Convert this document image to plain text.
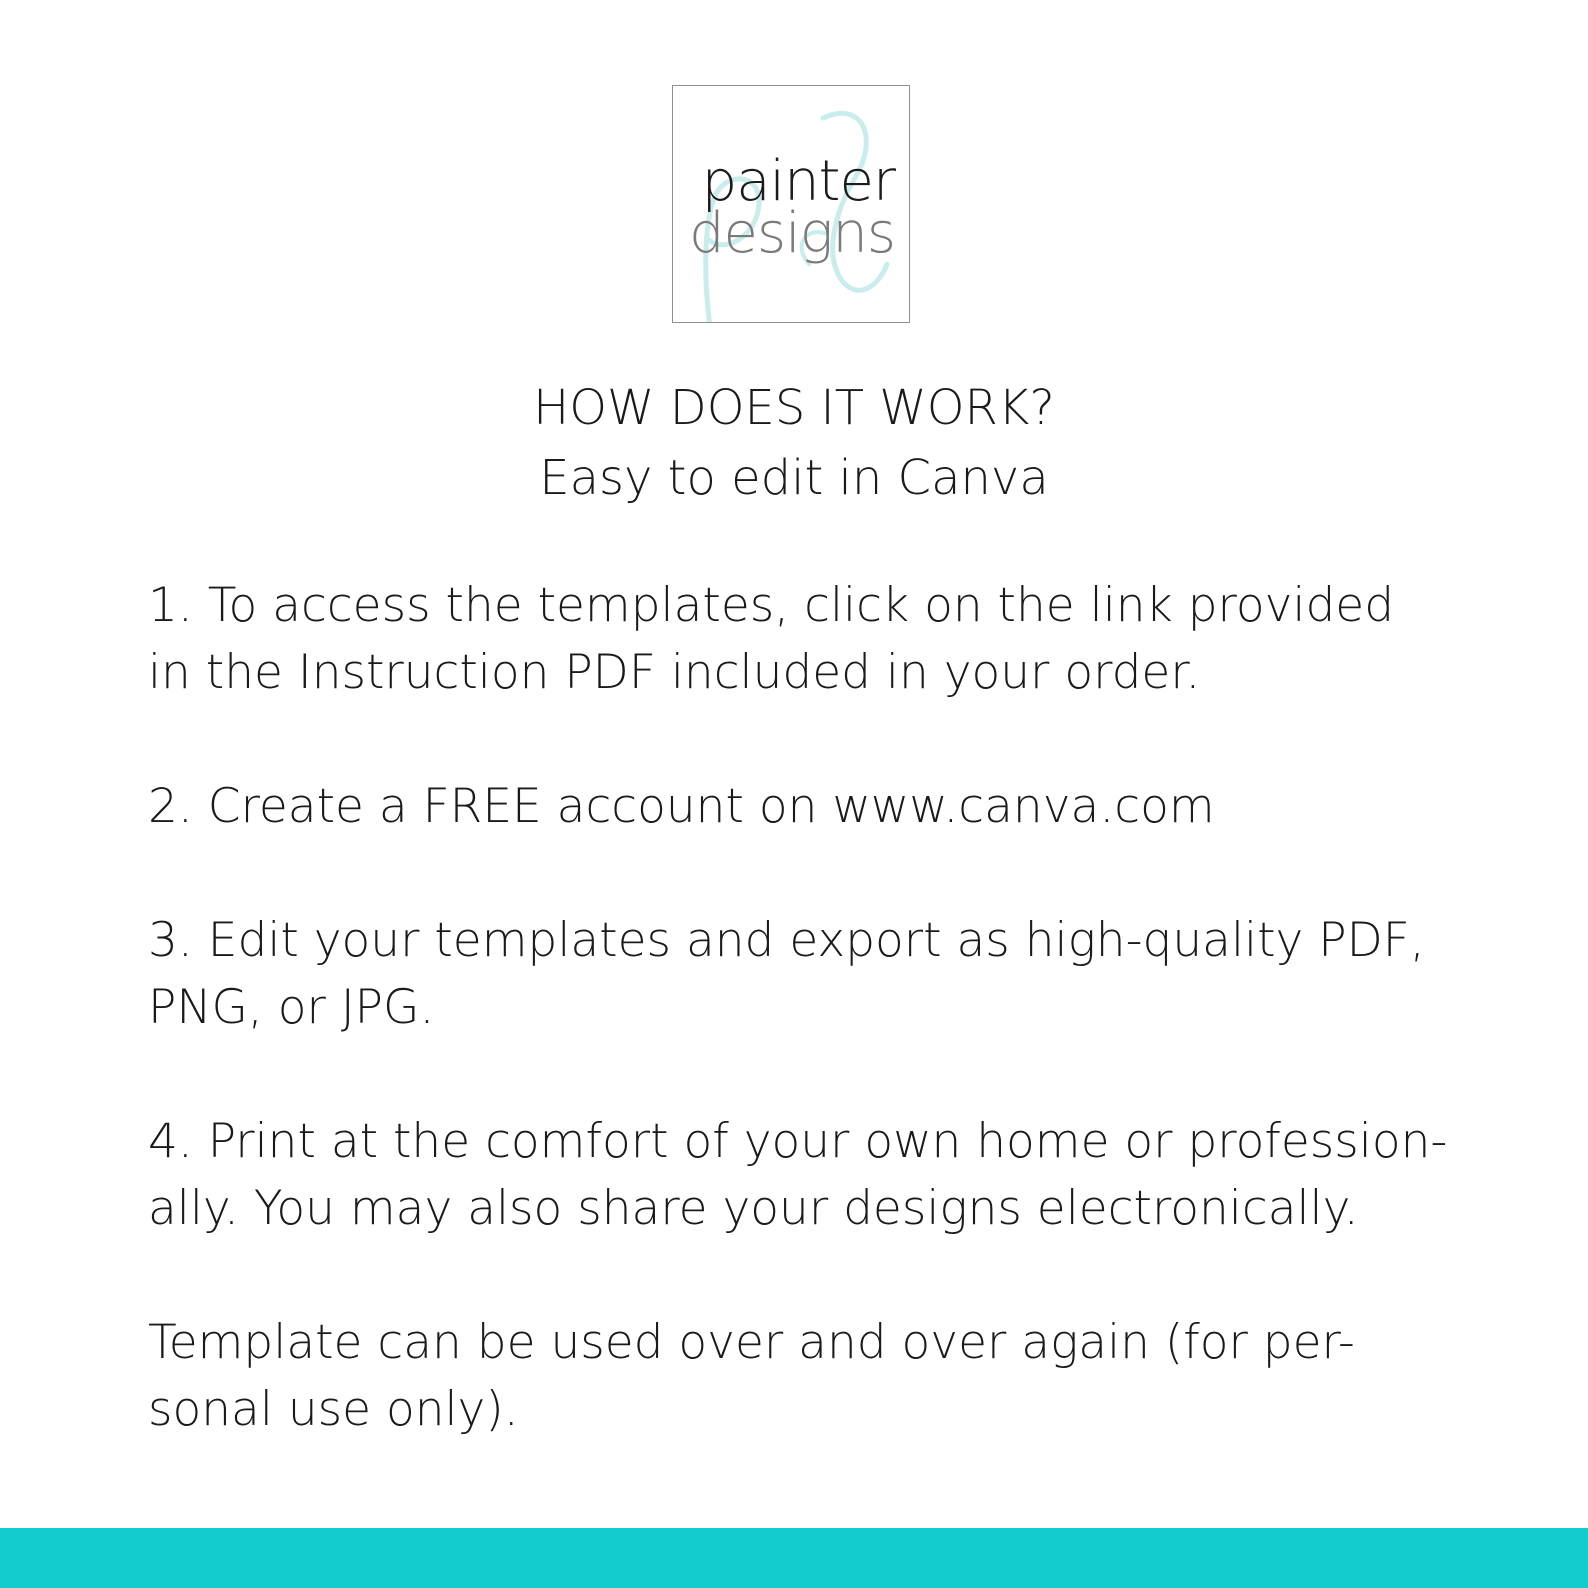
pd
painter
designs
HOW DOES IT WORK?
Easy to edit in Canva
1. To access the templates, click on the link provided
in the Instruction PDF included in your order.
2. Create a FREE account on www.canva.com
3. Edit your templates and export as high-quality PDF,
PNG, or JPG.
4. Print at the comfort of your own home or profession-
ally. You may also share your designs electronically.
Template can be used over and over again (for per-
sonal use only).
